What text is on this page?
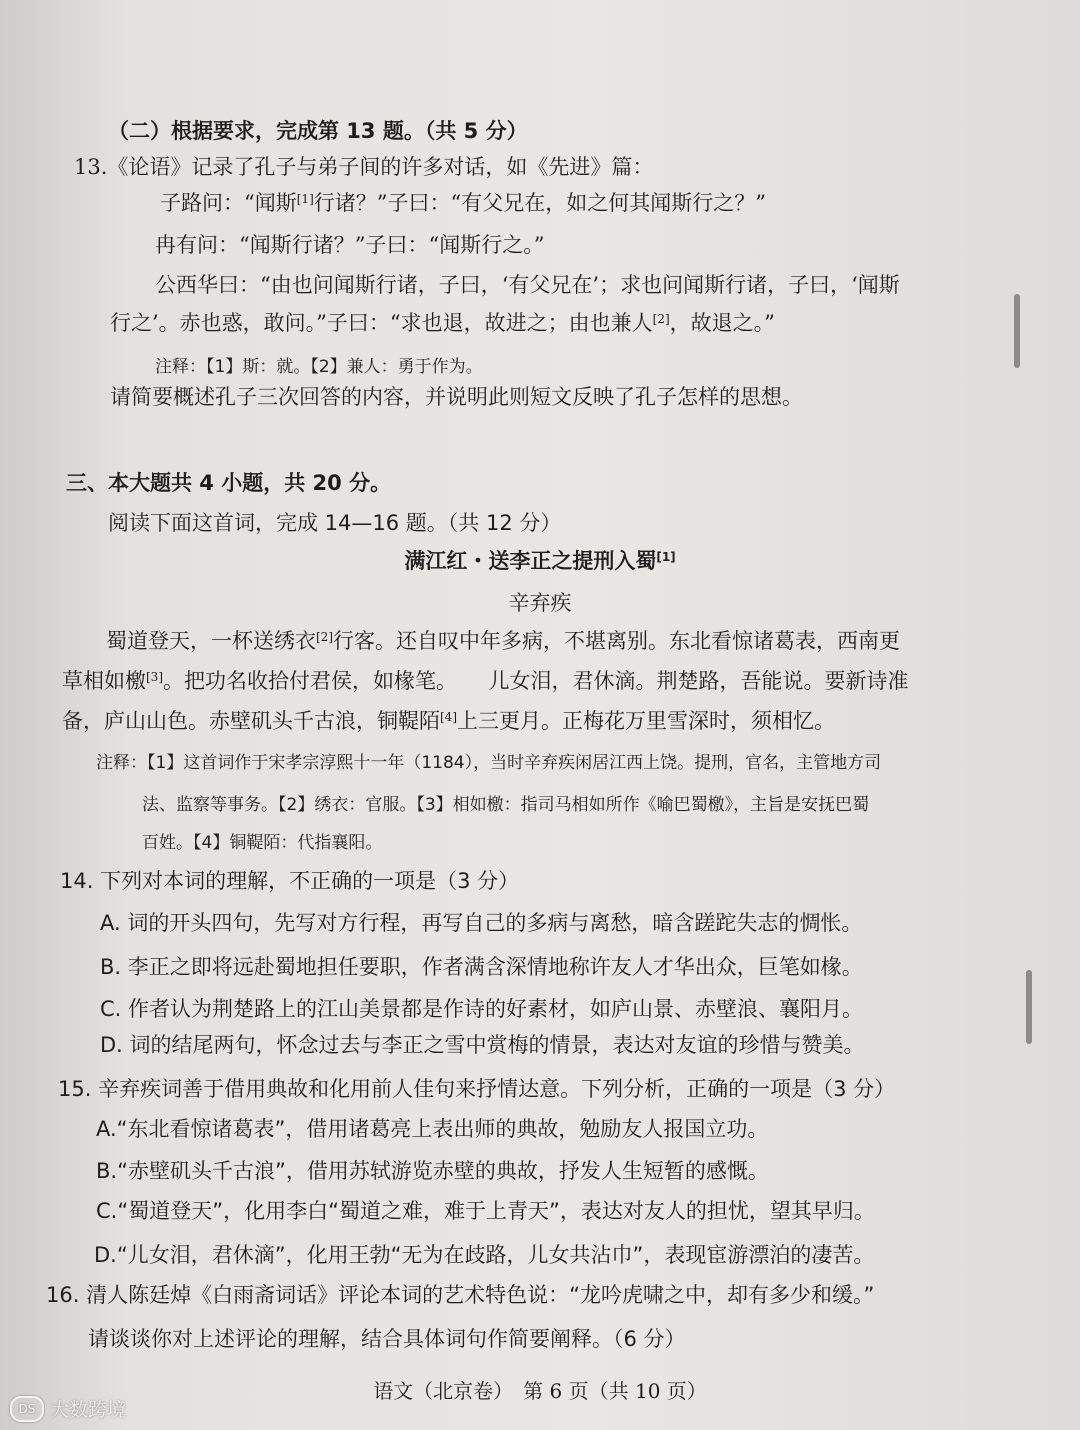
（二）根据要求，完成第 13 题。（共 5 分）
13.《论语》记录了孔子与弟子间的许多对话，如《先进》篇：
子路问：“闻斯[1]行诸？”子曰：“有父兄在，如之何其闻斯行之？”
冉有问：“闻斯行诸？”子曰：“闻斯行之。”
公西华曰：“由也问闻斯行诸，子曰，‘有父兄在’；求也问闻斯行诸，子曰，‘闻斯
行之’。赤也惑，敢问。”子曰：“求也退，故进之；由也兼人[2]，故退之。”
注释：【1】斯：就。【2】兼人：勇于作为。
请简要概述孔子三次回答的内容，并说明此则短文反映了孔子怎样的思想。
三、本大题共 4 小题，共 20 分。
阅读下面这首词，完成 14—16 题。（共 12 分）
满江红・送李正之提刑入蜀[1]
辛弃疾
蜀道登天，一杯送绣衣[2]行客。还自叹中年多病，不堪离别。东北看惊诸葛表，西南更
草相如檄[3]。把功名收拾付君侯，如椽笔。　　儿女泪，君休滴。荆楚路，吾能说。要新诗准
备，庐山山色。赤壁矶头千古浪，铜鞮陌[4]上三更月。正梅花万里雪深时，须相忆。
注释：【1】这首词作于宋孝宗淳熙十一年（1184），当时辛弃疾闲居江西上饶。提刑，官名，主管地方司
法、监察等事务。【2】绣衣：官服。【3】相如檄：指司马相如所作《喻巴蜀檄》，主旨是安抚巴蜀
百姓。【4】铜鞮陌：代指襄阳。
14. 下列对本词的理解，不正确的一项是（3 分）
A. 词的开头四句，先写对方行程，再写自己的多病与离愁，暗含蹉跎失志的惆怅。
B. 李正之即将远赴蜀地担任要职，作者满含深情地称许友人才华出众，巨笔如椽。
C. 作者认为荆楚路上的江山美景都是作诗的好素材，如庐山景、赤壁浪、襄阳月。
D. 词的结尾两句，怀念过去与李正之雪中赏梅的情景，表达对友谊的珍惜与赞美。
15. 辛弃疾词善于借用典故和化用前人佳句来抒情达意。下列分析，正确的一项是（3 分）
A.“东北看惊诸葛表”，借用诸葛亮上表出师的典故，勉励友人报国立功。
B.“赤壁矶头千古浪”，借用苏轼游览赤壁的典故，抒发人生短暂的感慨。
C.“蜀道登天”，化用李白“蜀道之难，难于上青天”，表达对友人的担忧，望其早归。
D.“儿女泪，君休滴”，化用王勃“无为在歧路，儿女共沾巾”，表现宦游漂泊的凄苦。
16. 清人陈廷焯《白雨斋词话》评论本词的艺术特色说：“龙吟虎啸之中，却有多少和缓。”
请谈谈你对上述评论的理解，结合具体词句作简要阐释。（6 分）
语文（北京卷）　第 6 页（共 10 页）
DS 大数跨境
